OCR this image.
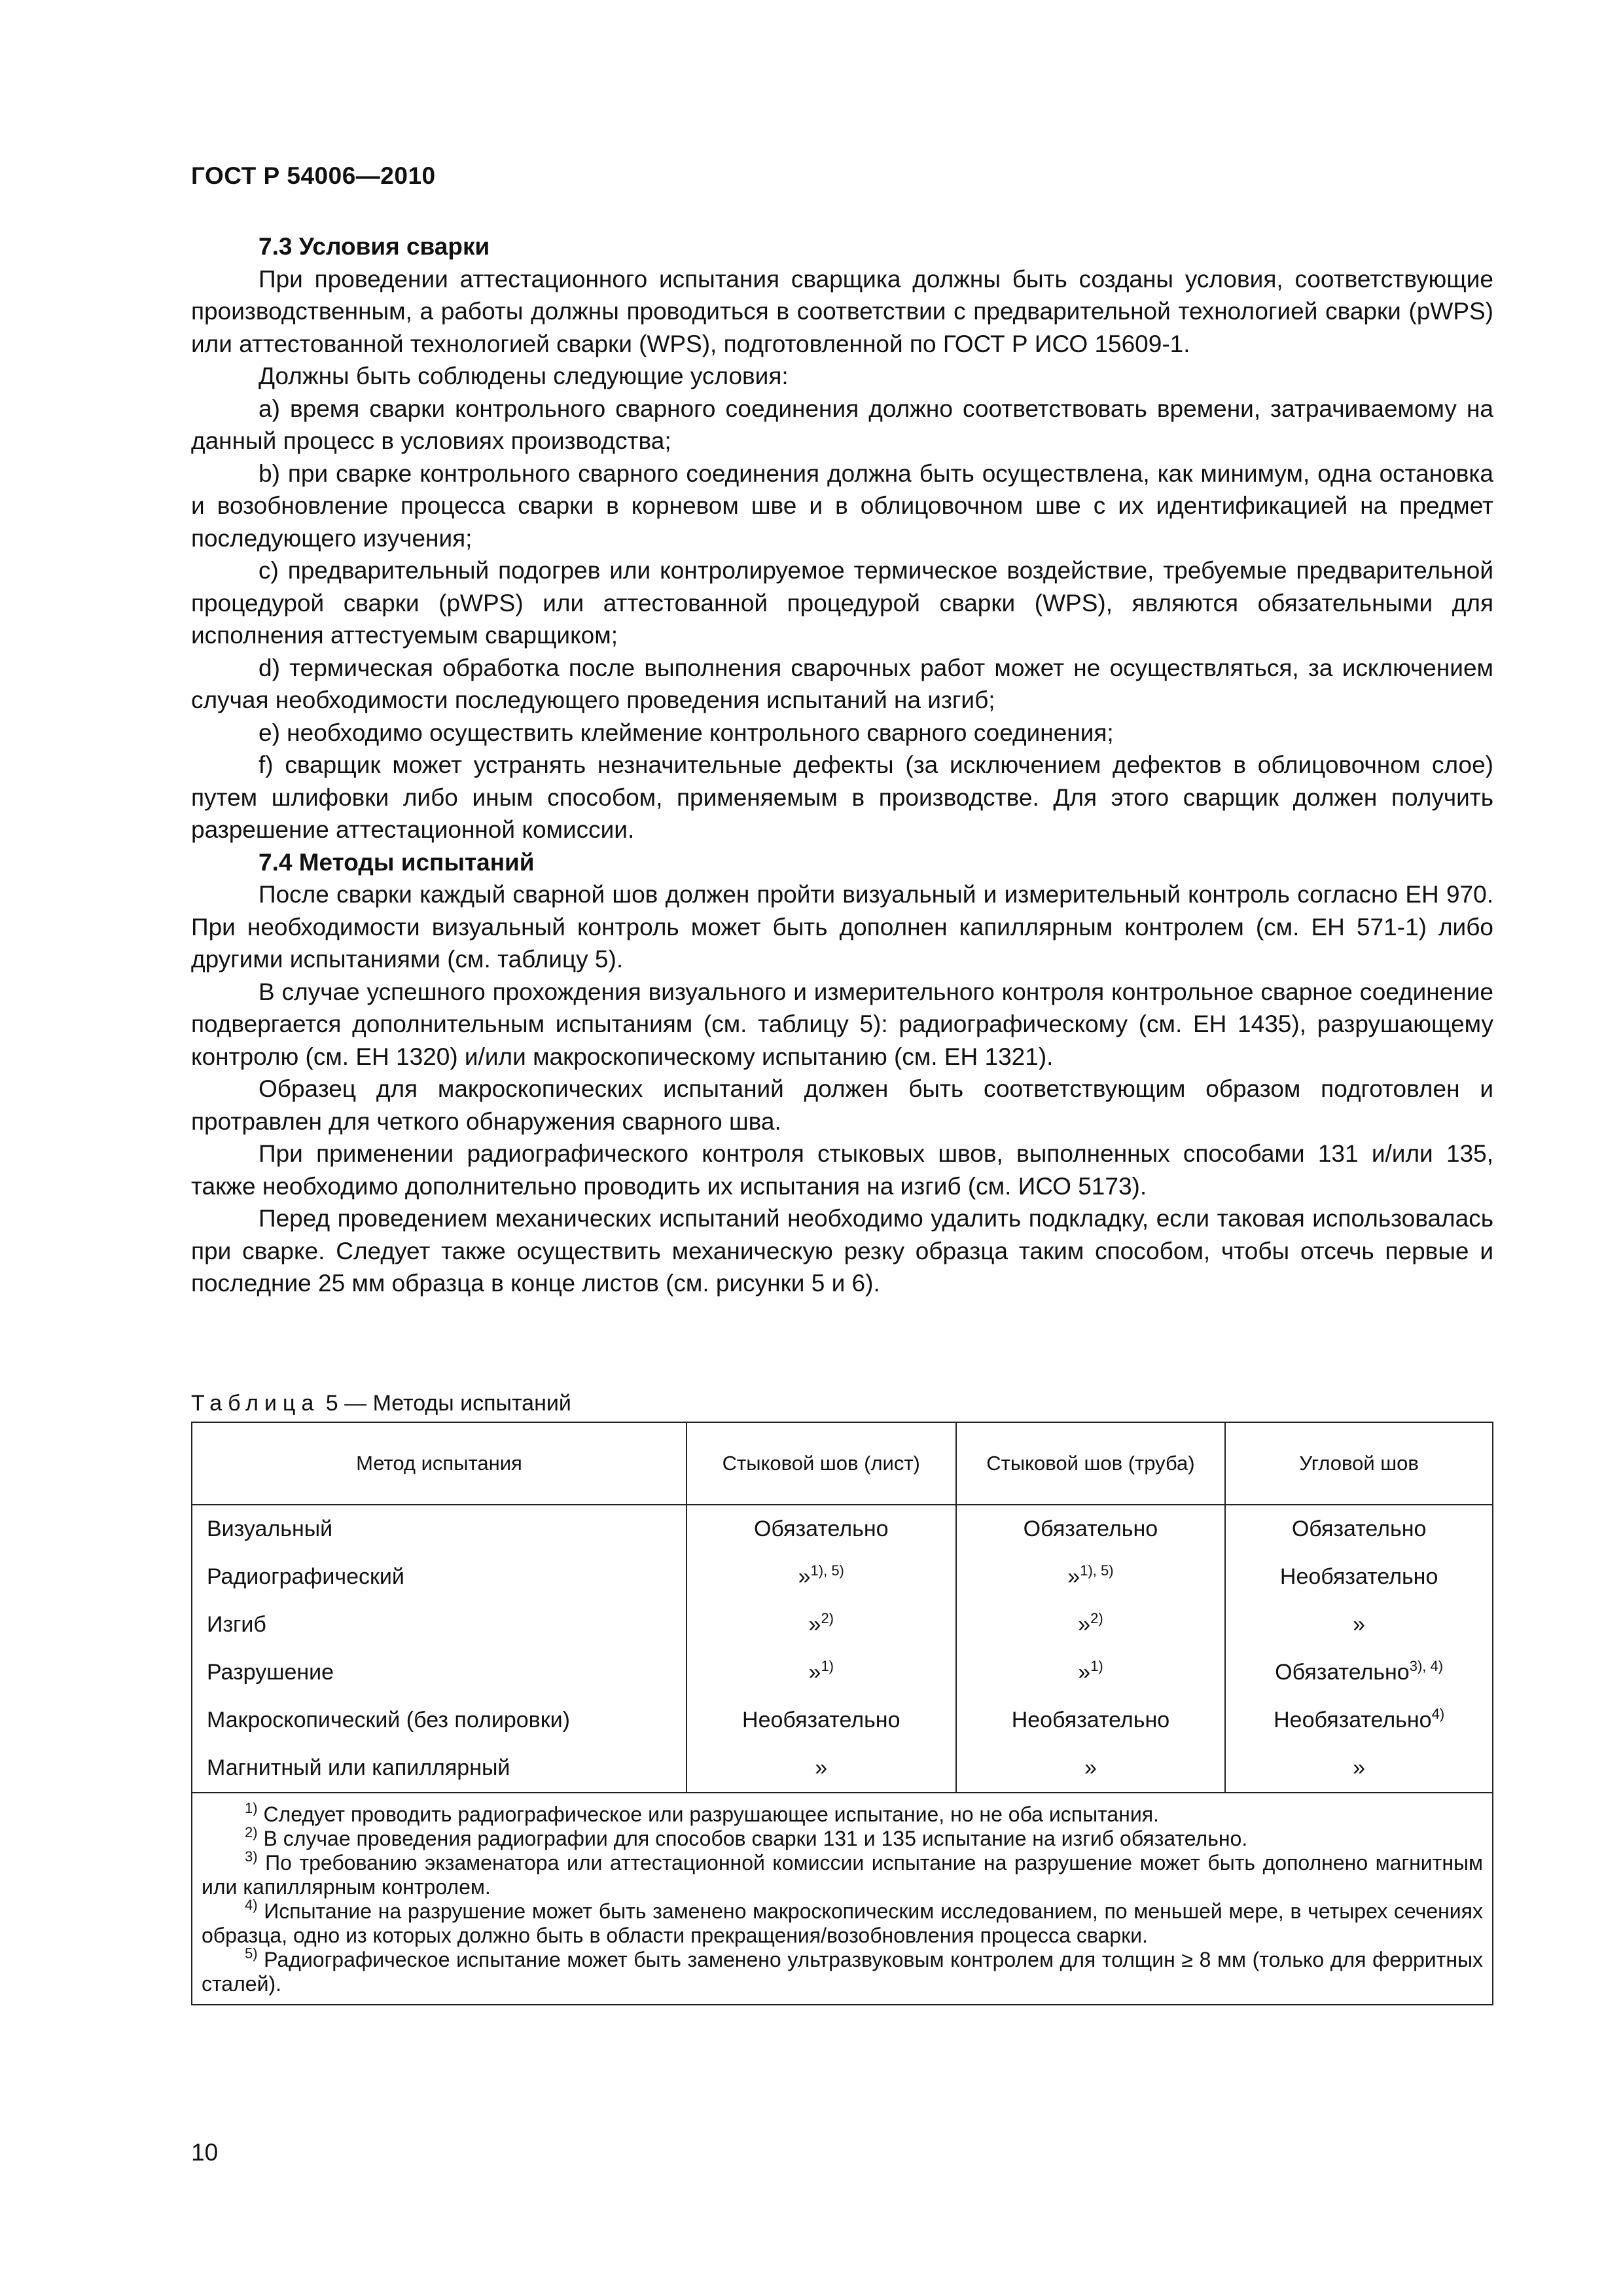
ГОСТ Р 54006—2010
7.3 Условия сварки

При проведении аттестационного испытания сварщика должны быть созданы условия, соответствующие производственным, а работы должны проводиться в соответствии с предварительной технологией сварки (pWPS) или аттестованной технологией сварки (WPS), подготовленной по ГОСТ Р ИСО 15609-1.

Должны быть соблюдены следующие условия:

а) время сварки контрольного сварного соединения должно соответствовать времени, затрачиваемому на данный процесс в условиях производства;

b) при сварке контрольного сварного соединения должна быть осуществлена, как минимум, одна остановка и возобновление процесса сварки в корневом шве и в облицовочном шве с их идентификацией на предмет последующего изучения;

с) предварительный подогрев или контролируемое термическое воздействие, требуемые предварительной процедурой сварки (pWPS) или аттестованной процедурой сварки (WPS), являются обязательными для исполнения аттестуемым сварщиком;

d) термическая обработка после выполнения сварочных работ может не осуществляться, за исключением случая необходимости последующего проведения испытаний на изгиб;

е) необходимо осуществить клеймение контрольного сварного соединения;

f) сварщик может устранять незначительные дефекты (за исключением дефектов в облицовочном слое) путем шлифовки либо иным способом, применяемым в производстве. Для этого сварщик должен получить разрешение аттестационной комиссии.

7.4 Методы испытаний

После сварки каждый сварной шов должен пройти визуальный и измерительный контроль согласно ЕН 970. При необходимости визуальный контроль может быть дополнен капиллярным контролем (см. ЕН 571-1) либо другими испытаниями (см. таблицу 5).

В случае успешного прохождения визуального и измерительного контроля контрольное сварное соединение подвергается дополнительным испытаниям (см. таблицу 5): радиографическому (см. ЕН 1435), разрушающему контролю (см. ЕН 1320) и/или макроскопическому испытанию (см. ЕН 1321).

Образец для макроскопических испытаний должен быть соответствующим образом подготовлен и протравлен для четкого обнаружения сварного шва.

При применении радиографического контроля стыковых швов, выполненных способами 131 и/или 135, также необходимо дополнительно проводить их испытания на изгиб (см. ИСО 5173).

Перед проведением механических испытаний необходимо удалить подкладку, если таковая использовалась при сварке. Следует также осуществить механическую резку образца таким способом, чтобы отсечь первые и последние 25 мм образца в конце листов (см. рисунки 5 и 6).

Таблица 5 — Методы испытаний
Метод испытания	Стыковой шов (лист)	Стыковой шов (труба)	Угловой шов
Визуальный	Обязательно	Обязательно	Обязательно
Радиографический	»$^{1), 5)}$	»$^{1), 5)}$	Необязательно
Изгиб	»$^{2)}$	»$^{2)}$	»
Разрушение	»$^{1)}$	»$^{1)}$	Обязательно$^{3), 4)}$
Макроскопический (без полировки)	Необязательно	Необязательно	Необязательно$^{4)}$
Магнитный или капиллярный	»	»	»

$^{1)}$ Следует проводить радиографическое или разрушающее испытание, но не оба испытания.
$^{2)}$ В случае проведения радиографии для способов сварки 131 и 135 испытание на изгиб обязательно.
$^{3)}$ По требованию экзаменатора или аттестационной комиссии испытание на разрушение может быть дополнено магнитным или капиллярным контролем.
$^{4)}$ Испытание на разрушение может быть заменено макроскопическим исследованием, по меньшей мере, в четырех сечениях образца, одно из которых должно быть в области прекращения/возобновления процесса сварки.
$^{5)}$ Радиографическое испытание может быть заменено ультразвуковым контролем для толщин ≥ 8 мм (только для ферритных сталей).			
10
